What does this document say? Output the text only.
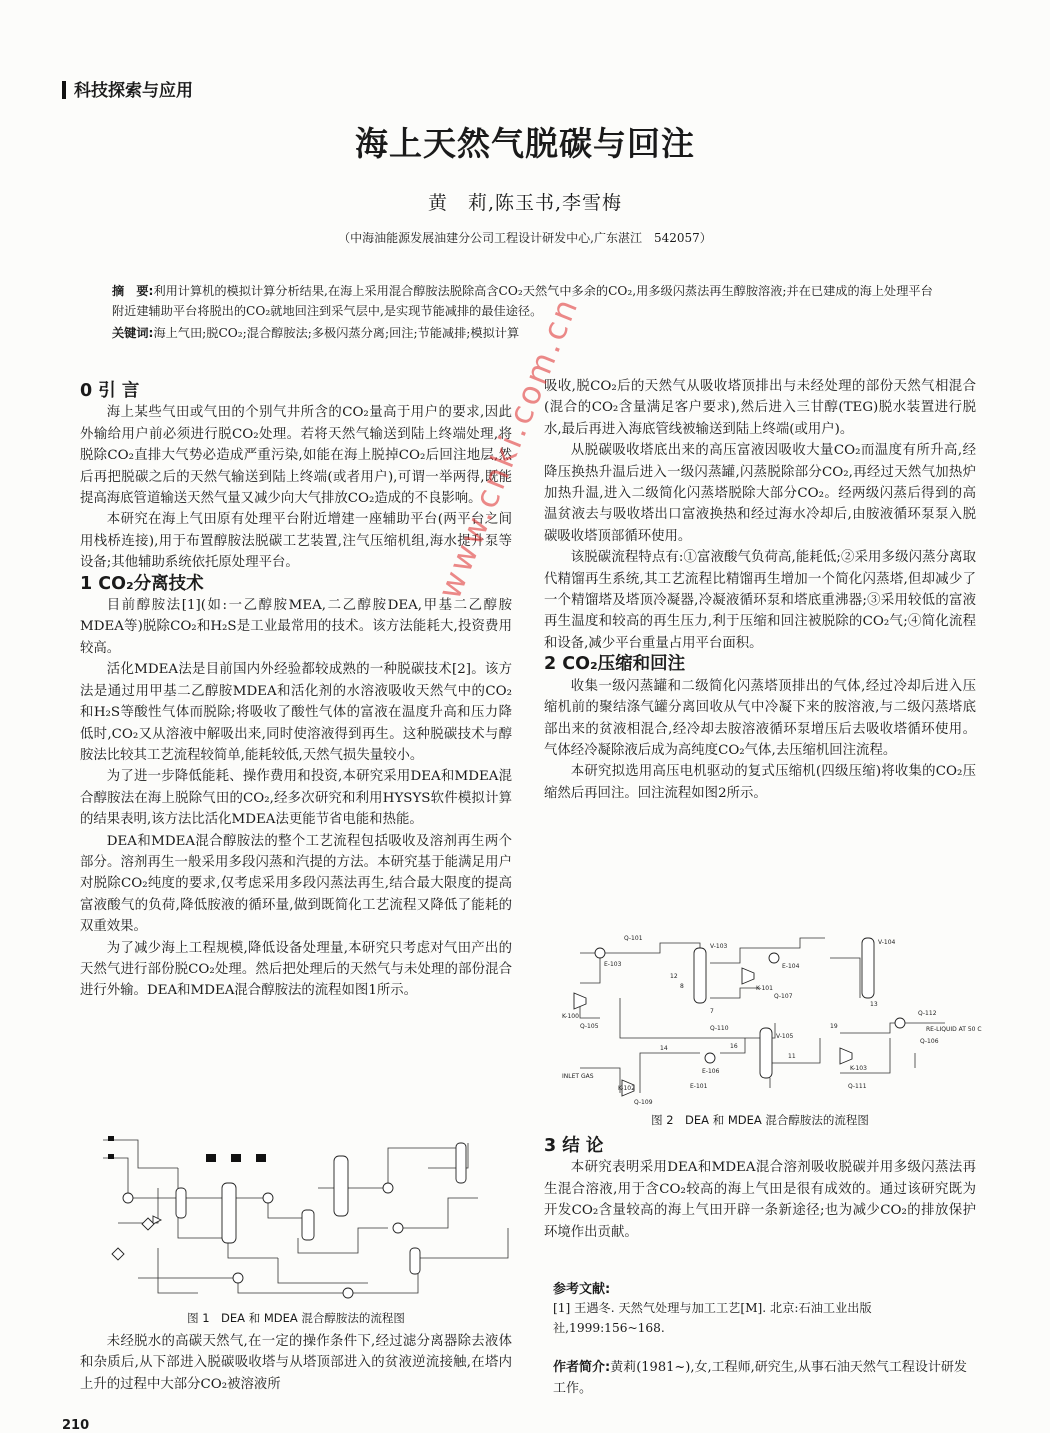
科技探索与应用
海上天然气脱碳与回注
黄　莉,陈玉书,李雪梅
（中海油能源发展油建分公司工程设计研发中心,广东湛江　542057）
摘　要:利用计算机的模拟计算分析结果,在海上采用混合醇胺法脱除高含CO₂天然气中多余的CO₂,用多级闪蒸法再生醇胺溶液;并在已建成的海上处理平台附近建辅助平台将脱出的CO₂就地回注到采气层中,是实现节能减排的最佳途径。
关键词:海上气田;脱CO₂;混合醇胺法;多极闪蒸分离;回注;节能减排;模拟计算

0 引 言

海上某些气田或气田的个别气井所含的CO₂量高于用户的要求,因此外输给用户前必须进行脱CO₂处理。若将天然气输送到陆上终端处理,将脱除CO₂直排大气势必造成严重污染,如能在海上脱掉CO₂后回注地层,然后再把脱碳之后的天然气输送到陆上终端(或者用户),可谓一举两得,既能提高海底管道输送天然气量又减少向大气排放CO₂造成的不良影响。

本研究在海上气田原有处理平台附近增建一座辅助平台(两平台之间用栈桥连接),用于布置醇胺法脱碳工艺装置,注气压缩机组,海水提升泵等设备;其他辅助系统依托原处理平台。

1 CO₂分离技术

目前醇胺法[1](如:一乙醇胺MEA,二乙醇胺DEA,甲基二乙醇胺MDEA等)脱除CO₂和H₂S是工业最常用的技术。该方法能耗大,投资费用较高。

活化MDEA法是目前国内外经验都较成熟的一种脱碳技术[2]。该方法是通过用甲基二乙醇胺MDEA和活化剂的水溶液吸收天然气中的CO₂和H₂S等酸性气体而脱除;将吸收了酸性气体的富液在温度升高和压力降低时,CO₂又从溶液中解吸出来,同时使溶液得到再生。这种脱碳技术与醇胺法比较其工艺流程较简单,能耗较低,天然气损失量较小。

为了进一步降低能耗、操作费用和投资,本研究采用DEA和MDEA混合醇胺法在海上脱除气田的CO₂,经多次研究和利用HYSYS软件模拟计算的结果表明,该方法比活化MDEA法更能节省电能和热能。

DEA和MDEA混合醇胺法的整个工艺流程包括吸收及溶剂再生两个部分。溶剂再生一般采用多段闪蒸和汽提的方法。本研究基于能满足用户对脱除CO₂纯度的要求,仅考虑采用多段闪蒸法再生,结合最大限度的提高富液酸气的负荷,降低胺液的循环量,做到既简化工艺流程又降低了能耗的双重效果。

为了减少海上工程规模,降低设备处理量,本研究只考虑对气田产出的天然气进行部份脱CO₂处理。然后把处理后的天然气与未处理的部份混合进行外输。DEA和MDEA混合醇胺法的流程如图1所示。

图 1　DEA 和 MDEA 混合醇胺法的流程图

未经脱水的高碳天然气,在一定的操作条件下,经过滤分离器除去液体和杂质后,从下部进入脱碳吸收塔与从塔顶部进入的贫液逆流接触,在塔内上升的过程中大部分CO₂被溶液所

吸收,脱CO₂后的天然气从吸收塔顶排出与未经处理的部份天然气相混合(混合的CO₂含量满足客户要求),然后进入三甘醇(TEG)脱水装置进行脱水,最后再进入海底管线被输送到陆上终端(或用户)。

从脱碳吸收塔底出来的高压富液因吸收大量CO₂而温度有所升高,经降压换热升温后进入一级闪蒸罐,闪蒸脱除部分CO₂,再经过天然气加热炉加热升温,进入二级简化闪蒸塔脱除大部分CO₂。经两级闪蒸后得到的高温贫液去与吸收塔出口富液换热和经过海水冷却后,由胺液循环泵泵入脱碳吸收塔顶部循环使用。

该脱碳流程特点有:①富液酸气负荷高,能耗低;②采用多级闪蒸分离取代精馏再生系统,其工艺流程比精馏再生增加一个简化闪蒸塔,但却减少了一个精馏塔及塔顶冷凝器,冷凝液循环泵和塔底重沸器;③采用较低的富液再生温度和较高的再生压力,利于压缩和回注被脱除的CO₂气;④简化流程和设备,减少平台重量占用平台面积。

2 CO₂压缩和回注

收集一级闪蒸罐和二级简化闪蒸塔顶排出的气体,经过冷却后进入压缩机前的聚结涤气罐分离回收从气中冷凝下来的胺溶液,与二级闪蒸塔底部出来的贫液相混合,经冷却去胺溶液循环泵增压后去吸收塔循环使用。气体经冷凝除液后成为高纯度CO₂气体,去压缩机回注流程。

本研究拟选用高压电机驱动的复式压缩机(四级压缩)将收集的CO₂压缩然后再回注。回注流程如图2所示。

Q-101
V-103
V-104
E-103	E-104
K-101
K-100
Q-107
Q-105
Q-106
Q-110
V-105
K-103
E-106
Q-112
E-101
K-102	Q-111
Q-109
RE-LIQUID AT 50 C
INLET GAS
12
13
14	16
7
11
8
19
图 2　DEA 和 MDEA 混合醇胺法的流程图

3 结 论

本研究表明采用DEA和MDEA混合溶剂吸收脱碳并用多级闪蒸法再生混合溶液,用于含CO₂较高的海上气田是很有成效的。通过该研究既为开发CO₂含量较高的海上气田开辟一条新途径;也为减少CO₂的排放保护环境作出贡献。

参考文献:
[1] 王遇冬. 天然气处理与加工工艺[M]. 北京:石油工业出版社,1999:156~168.
作者简介:黄莉(1981~),女,工程师,研究生,从事石油天然气工程设计研发工作。
www.cnki.com.cn
210
